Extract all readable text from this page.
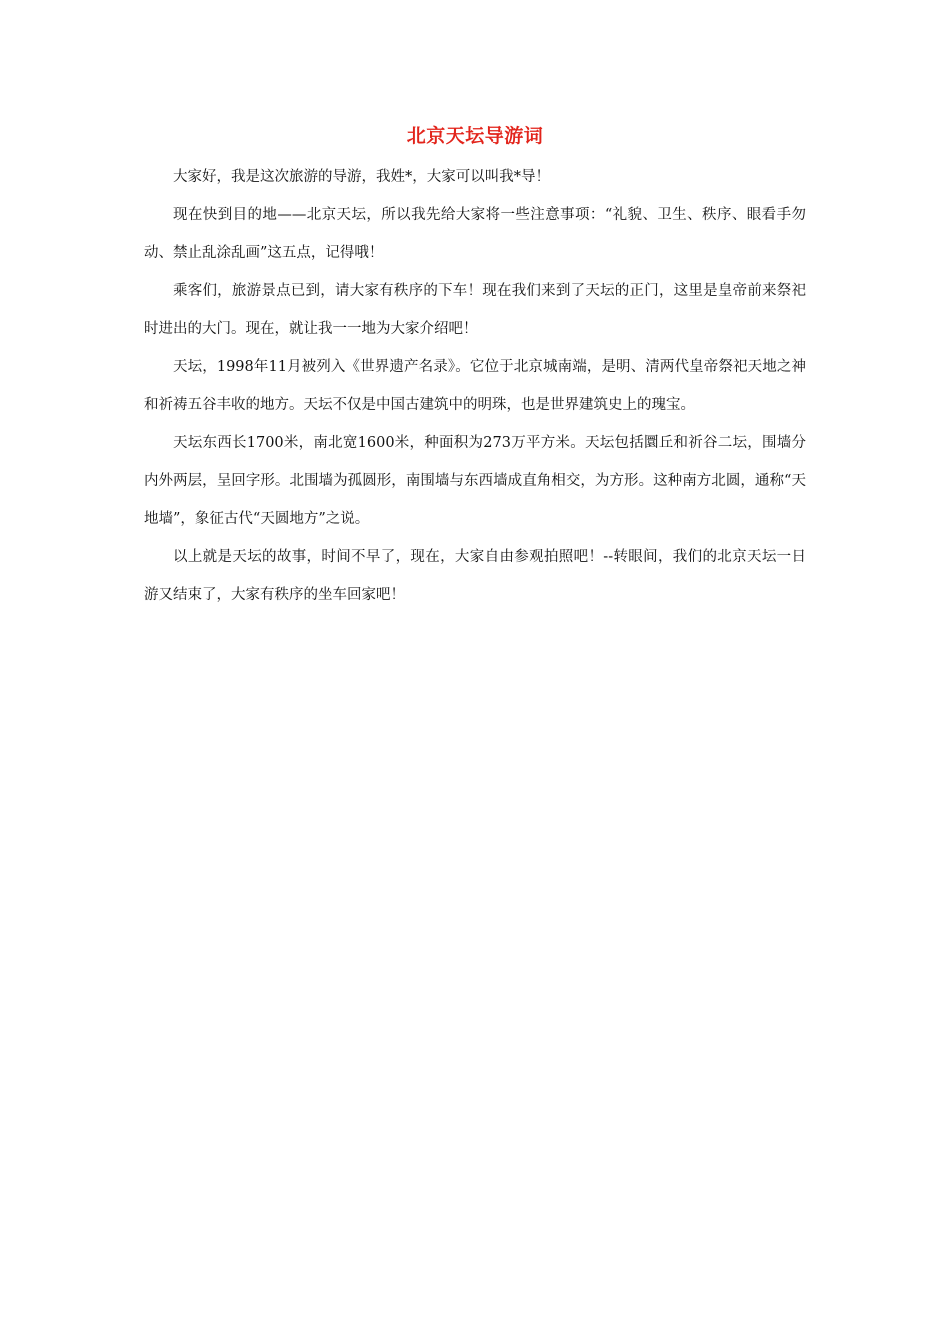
北京天坛导游词

大家好，我是这次旅游的导游，我姓*，大家可以叫我*导！

现在快到目的地——北京天坛，所以我先给大家将一些注意事项：“礼貌、卫生、秩序、眼看手勿动、禁止乱涂乱画”这五点，记得哦！

乘客们，旅游景点已到，请大家有秩序的下车！现在我们来到了天坛的正门，这里是皇帝前来祭祀时进出的大门。现在，就让我一一地为大家介绍吧！

天坛，1998年11月被列入《世界遗产名录》。它位于北京城南端，是明、清两代皇帝祭祀天地之神和祈祷五谷丰收的地方。天坛不仅是中国古建筑中的明珠，也是世界建筑史上的瑰宝。

天坛东西长1700米，南北宽1600米，种面积为273万平方米。天坛包括圜丘和祈谷二坛，围墙分内外两层，呈回字形。北围墙为孤圆形，南围墙与东西墙成直角相交，为方形。这种南方北圆，通称“天地墙”，象征古代“天圆地方”之说。

以上就是天坛的故事，时间不早了，现在，大家自由参观拍照吧！--转眼间，我们的北京天坛一日游又结束了，大家有秩序的坐车回家吧！
